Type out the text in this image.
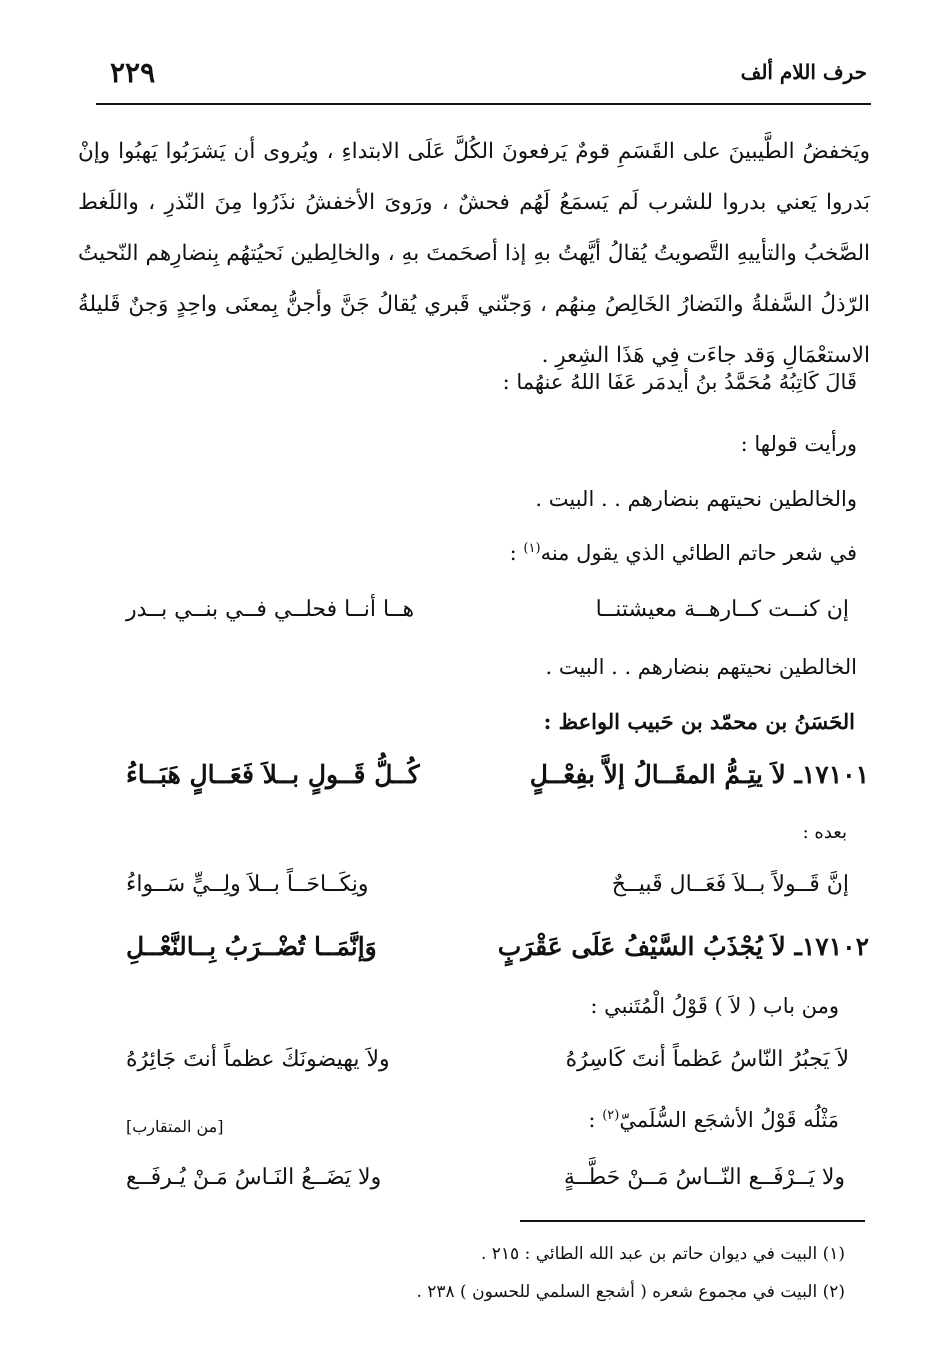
حرف اللام ألف
٢٢٩
ويَخفضُ الطَّيبينَ على القَسَمِ قومٌ يَرفعونَ الكُلَّ عَلَى الابتداءِ ، ويُروى أن يَشرَبُوا يَهبُوا وإنْ بَدروا يَعني بدروا للشرب لَم يَسمَعُ لَهُم فحشٌ ، ورَوىَ الأخفشُ نذَرُوا مِنَ النّذرِ ، واللَغط الصَّخبُ والتأييهِ التَّصويتُ يُقالُ أيَّهتُ بهِ إذا أصحَمتَ بهِ ، والخالِطين نَحيُتهُم بِنضارِهم النّحيتُ الرّذلُ السَّفلةُ والنَضارُ الخَالِصُ مِنهُم ، وَجنّني قَبري يُقالُ جَنَّ وأجنُّ بِمعنَى واحِدٍ وَجنٌ قَليلةُ الاستعْمَالِ وَقد جاءَت فِي هَذَا الشِعرِ .
قَالَ كَاتِبُهُ مُحَمَّدُ بنُ أيدمَر عَفَا اللهُ عنهُما :
ورأيت قولها :
والخالطين نحيتهم بنضارهم . . البيت .
في شعر حاتم الطائي الذي يقول منه$^{(١)}$ :
إن كنــت كــارهــة معيشتنــا
هــا أنــا فحلــي فــي بنــي بــدر
الخالطين نحيتهم بنضارهم . . البيت .
الحَسَنُ بن محمّد بن حَبيب الواعظ :
١٧١٠١ـ لاَ يتِـمُّ المقَــالُ إلاَّ بفِعْــلٍ
كُــلُّ قَــولٍ بــلاَ فَعَــالٍ هَبَــاءُ
بعده :
إنَّ قَــولاً بــلاَ فَعَــال قَبيــحٌ
ونِكَــاحَــاً بــلاَ ولِــيٍّ سَــواءُ
١٧١٠٢ـ لاَ يُجْذَبُ السَّيْفُ عَلَى عَقْرَبٍ
وَإنَّمَــا تُضْــرَبُ بِــالنَّعْــلِ
ومن باب ( لاَ ) قَوْلُ الْمُتَنبي :
لاَ يَجبُرُ النّاسُ عَظماً أنتَ كَاسِرُهُ
ولاَ يهيضونَكَ عظماً أنتَ جَائِرُهُ
مَثْلُه قَوْلُ الأشجَع السُّلَميّ$^{(٢)}$ :
[من المتقارب]
ولا يَــرْفَــع النّــاسُ مَــنْ حَطَّــةٍ
ولا يَضَــعُ النَـاسُ مَـنْ يُـرفَــع
(١) البيت في ديوان حاتم بن عبد الله الطائي : ٢١٥ .
(٢) البيت في مجموع شعره ( أشجع السلمي للحسون ) ٢٣٨ .
